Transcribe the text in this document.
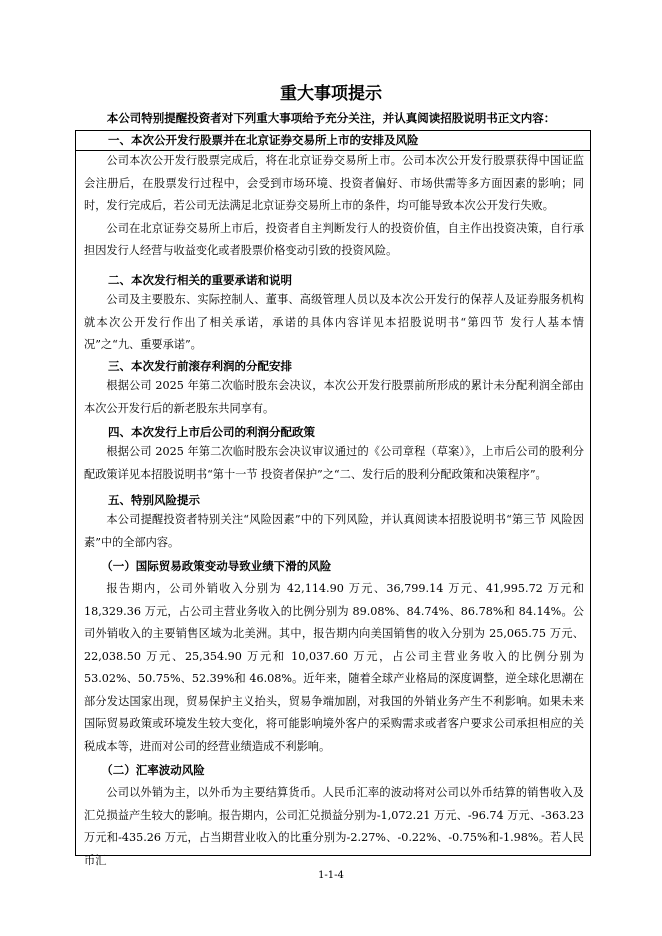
重大事项提示
本公司特别提醒投资者对下列重大事项给予充分关注，并认真阅读招股说明书正文内容：
一、本次公开发行股票并在北京证券交易所上市的安排及风险

公司本次公开发行股票完成后，将在北京证券交易所上市。公司本次公开发行股票获得中国证监会注册后，在股票发行过程中，会受到市场环境、投资者偏好、市场供需等多方面因素的影响；同时，发行完成后，若公司无法满足北京证券交易所上市的条件，均可能导致本次公开发行失败。

公司在北京证券交易所上市后，投资者自主判断发行人的投资价值，自主作出投资决策，自行承担因发行人经营与收益变化或者股票价格变动引致的投资风险。

二、本次发行相关的重要承诺和说明

公司及主要股东、实际控制人、董事、高级管理人员以及本次公开发行的保荐人及证券服务机构就本次公开发行作出了相关承诺，承诺的具体内容详见本招股说明书“第四节 发行人基本情况”之“九、重要承诺”。

三、本次发行前滚存利润的分配安排

根据公司 2025 年第二次临时股东会决议，本次公开发行股票前所形成的累计未分配利润全部由本次公开发行后的新老股东共同享有。

四、本次发行上市后公司的利润分配政策

根据公司 2025 年第二次临时股东会决议审议通过的《公司章程（草案）》，上市后公司的股利分配政策详见本招股说明书“第十一节 投资者保护”之“二、发行后的股利分配政策和决策程序”。

五、特别风险提示

本公司提醒投资者特别关注“风险因素”中的下列风险，并认真阅读本招股说明书“第三节 风险因素”中的全部内容。

（一）国际贸易政策变动导致业绩下滑的风险

报告期内，公司外销收入分别为 42,114.90 万元、36,799.14 万元、41,995.72 万元和 18,329.36 万元，占公司主营业务收入的比例分别为 89.08%、84.74%、86.78%和 84.14%。公司外销收入的主要销售区域为北美洲。其中，报告期内向美国销售的收入分别为 25,065.75 万元、22,038.50 万元、25,354.90 万元和 10,037.60 万元，占公司主营业务收入的比例分别为 53.02%、50.75%、52.39%和 46.08%。近年来，随着全球产业格局的深度调整，逆全球化思潮在部分发达国家出现，贸易保护主义抬头，贸易争端加剧，对我国的外销业务产生不利影响。如果未来国际贸易政策或环境发生较大变化，将可能影响境外客户的采购需求或者客户要求公司承担相应的关税成本等，进而对公司的经营业绩造成不利影响。

（二）汇率波动风险

公司以外销为主，以外币为主要结算货币。人民币汇率的波动将对公司以外币结算的销售收入及汇兑损益产生较大的影响。报告期内，公司汇兑损益分别为-1,072.21 万元、-96.74 万元、-363.23 万元和-435.26 万元，占当期营业收入的比重分别为-2.27%、-0.22%、-0.75%和-1.98%。若人民币汇

1-1-4
